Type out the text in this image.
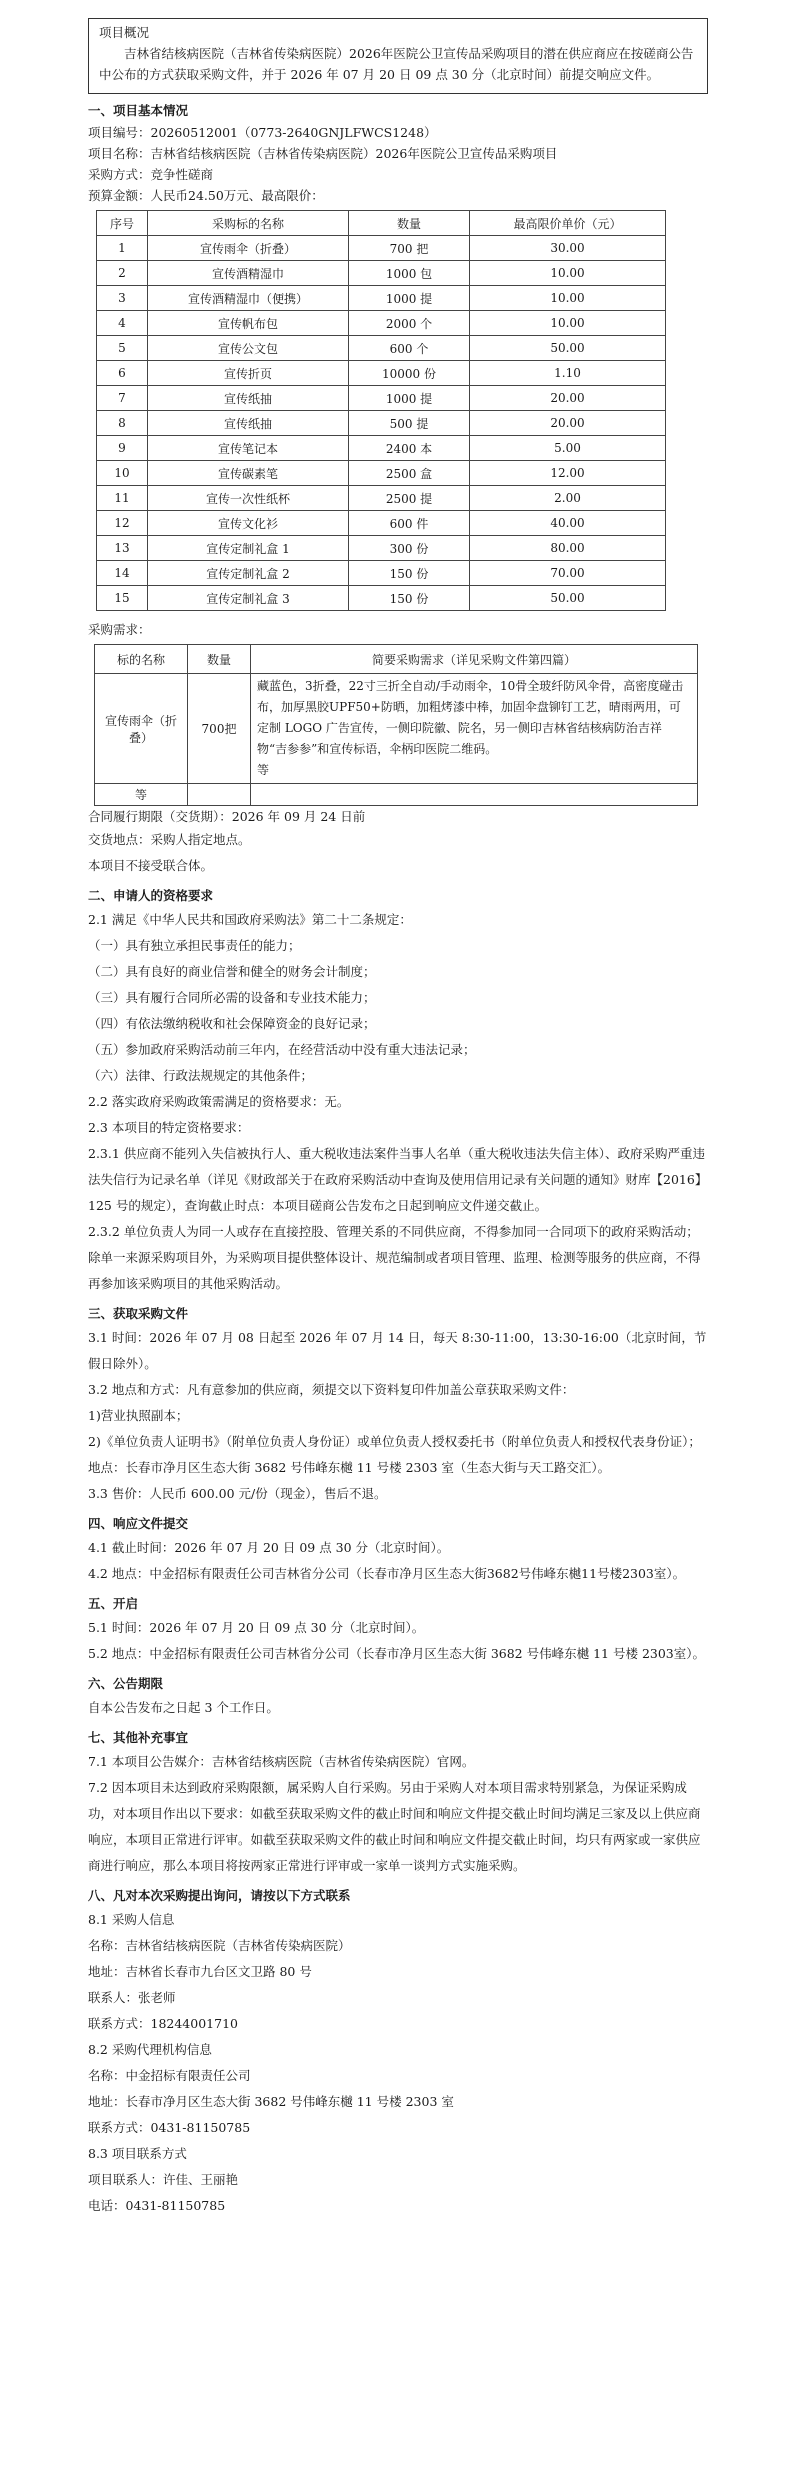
项目概况
吉林省结核病医院（吉林省传染病医院）2026年医院公卫宣传品采购项目的潜在供应商应在按磋商公告中公布的方式获取采购文件，并于 2026 年 07 月 20 日 09 点 30 分（北京时间）前提交响应文件。
一、项目基本情况
项目编号：20260512001（0773-2640GNJLFWCS1248）
项目名称：吉林省结核病医院（吉林省传染病医院）2026年医院公卫宣传品采购项目
采购方式：竞争性磋商
预算金额：人民币24.50万元、最高限价：
序号	采购标的名称	数量	最高限价单价（元）
1	宣传雨伞（折叠）	700 把	30.00
2	宣传酒精湿巾	1000 包	10.00
3	宣传酒精湿巾（便携）	1000 提	10.00
4	宣传帆布包	2000 个	10.00
5	宣传公文包	600 个	50.00
6	宣传折页	10000 份	1.10
7	宣传纸抽	1000 提	20.00
8	宣传纸抽	500 提	20.00
9	宣传笔记本	2400 本	5.00
10	宣传碳素笔	2500 盒	12.00
11	宣传一次性纸杯	2500 提	2.00
12	宣传文化衫	600 件	40.00
13	宣传定制礼盒 1	300 份	80.00
14	宣传定制礼盒 2	150 份	70.00
15	宣传定制礼盒 3	150 份	50.00
采购需求：
标的名称	数量	简要采购需求（详见采购文件第四篇）
宣传雨伞（折叠）	700把	藏蓝色，3折叠，22寸三折全自动/手动雨伞，10骨全玻纤防风伞骨，高密度碰击布，加厚黑胶UPF50+防晒，加粗烤漆中棒，加固伞盘铆钉工艺，晴雨两用，可定制 LOGO 广告宣传，一侧印院徽、院名，另一侧印吉林省结核病防治吉祥物“吉参参”和宣传标语，伞柄印医院二维码。
等
等		
合同履行期限（交货期）：2026 年 09 月 24 日前
交货地点：采购人指定地点。
本项目不接受联合体。
二、申请人的资格要求
2.1 满足《中华人民共和国政府采购法》第二十二条规定：
（一）具有独立承担民事责任的能力；
（二）具有良好的商业信誉和健全的财务会计制度；
（三）具有履行合同所必需的设备和专业技术能力；
（四）有依法缴纳税收和社会保障资金的良好记录；
（五）参加政府采购活动前三年内，在经营活动中没有重大违法记录；
（六）法律、行政法规规定的其他条件；
2.2 落实政府采购政策需满足的资格要求：无。
2.3 本项目的特定资格要求：
2.3.1 供应商不能列入失信被执行人、重大税收违法案件当事人名单（重大税收违法失信主体）、政府采购严重违法失信行为记录名单（详见《财政部关于在政府采购活动中查询及使用信用记录有关问题的通知》财库【2016】125 号的规定），查询截止时点：本项目磋商公告发布之日起到响应文件递交截止。
2.3.2 单位负责人为同一人或存在直接控股、管理关系的不同供应商，不得参加同一合同项下的政府采购活动；除单一来源采购项目外，为采购项目提供整体设计、规范编制或者项目管理、监理、检测等服务的供应商，不得再参加该采购项目的其他采购活动。
三、获取采购文件
3.1 时间：2026 年 07 月 08 日起至 2026 年 07 月 14 日，每天 8:30-11:00，13:30-16:00（北京时间，节假日除外）。
3.2 地点和方式：凡有意参加的供应商，须提交以下资料复印件加盖公章获取采购文件：
1)营业执照副本；
2)《单位负责人证明书》（附单位负责人身份证）或单位负责人授权委托书（附单位负责人和授权代表身份证）；
地点：长春市净月区生态大街 3682 号伟峰东樾 11 号楼 2303 室（生态大街与天工路交汇）。
3.3 售价：人民币 600.00 元/份（现金），售后不退。
四、响应文件提交
4.1 截止时间：2026 年 07 月 20 日 09 点 30 分（北京时间）。
4.2 地点：中金招标有限责任公司吉林省分公司（长春市净月区生态大街3682号伟峰东樾11号楼2303室）。
五、开启
5.1 时间：2026 年 07 月 20 日 09 点 30 分（北京时间）。
5.2 地点：中金招标有限责任公司吉林省分公司（长春市净月区生态大街 3682 号伟峰东樾 11 号楼 2303室）。
六、公告期限
自本公告发布之日起 3 个工作日。
七、其他补充事宜
7.1 本项目公告媒介：吉林省结核病医院（吉林省传染病医院）官网。
7.2 因本项目未达到政府采购限额，属采购人自行采购。另由于采购人对本项目需求特别紧急，为保证采购成功，对本项目作出以下要求：如截至获取采购文件的截止时间和响应文件提交截止时间均满足三家及以上供应商响应，本项目正常进行评审。如截至获取采购文件的截止时间和响应文件提交截止时间，均只有两家或一家供应商进行响应，那么本项目将按两家正常进行评审或一家单一谈判方式实施采购。
八、凡对本次采购提出询问，请按以下方式联系
8.1 采购人信息
名称：吉林省结核病医院（吉林省传染病医院）
地址：吉林省长春市九台区文卫路 80 号
联系人：张老师
联系方式：18244001710
8.2 采购代理机构信息
名称：中金招标有限责任公司
地址：长春市净月区生态大街 3682 号伟峰东樾 11 号楼 2303 室
联系方式：0431-81150785
8.3 项目联系方式
项目联系人：许佳、王丽艳
电话：0431-81150785
